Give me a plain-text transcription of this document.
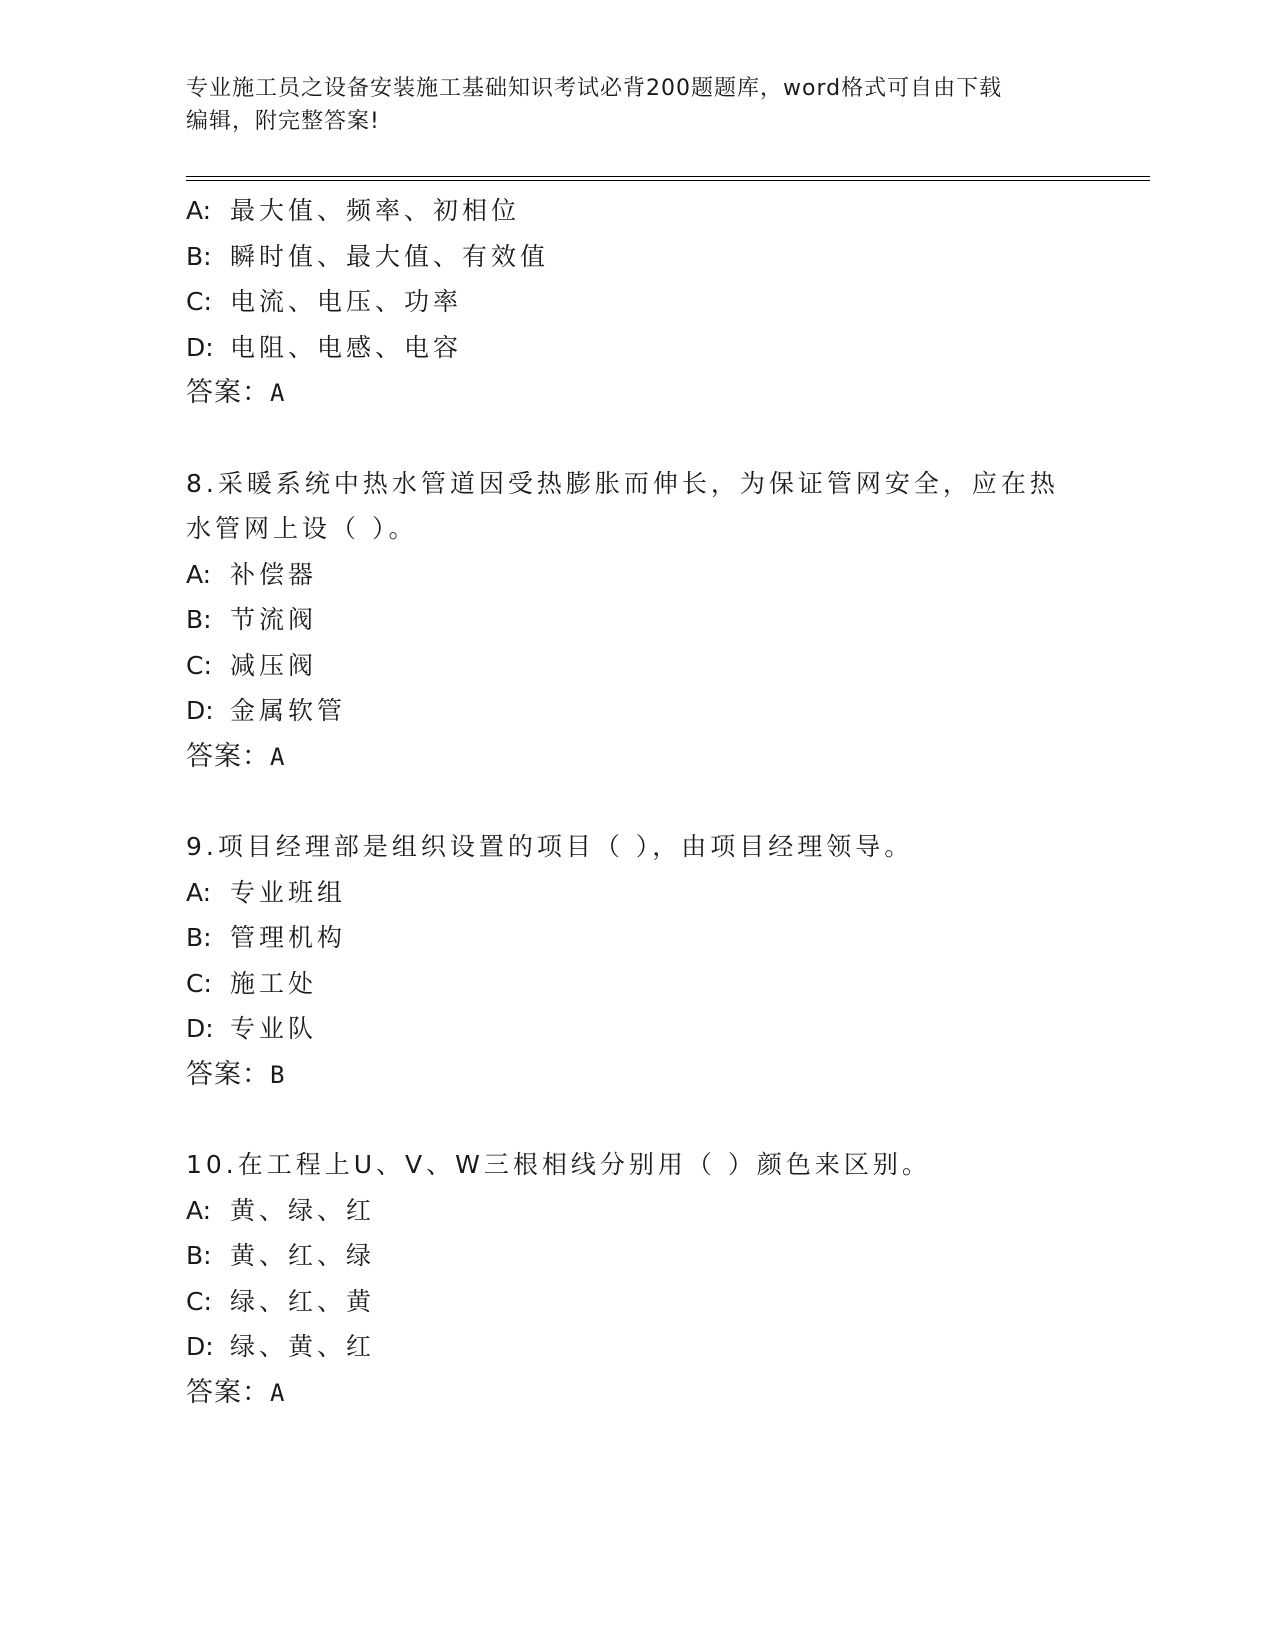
专业施工员之设备安装施工基础知识考试必背200题题库，word格式可自由下载
编辑，附完整答案!
A: 最大值、频率、初相位
B: 瞬时值、最大值、有效值
C: 电流、电压、功率
D: 电阻、电感、电容
答案：A
8.采暖系统中热水管道因受热膨胀而伸长，为保证管网安全，应在热
水管网上设（ ）。
A: 补偿器
B: 节流阀
C: 减压阀
D: 金属软管
答案：A
9.项目经理部是组织设置的项目（ ），由项目经理领导。
A: 专业班组
B: 管理机构
C: 施工处
D: 专业队
答案：B
10.在工程上U、V、W三根相线分别用（ ）颜色来区别。
A: 黄、绿、红
B: 黄、红、绿
C: 绿、红、黄
D: 绿、黄、红
答案：A
